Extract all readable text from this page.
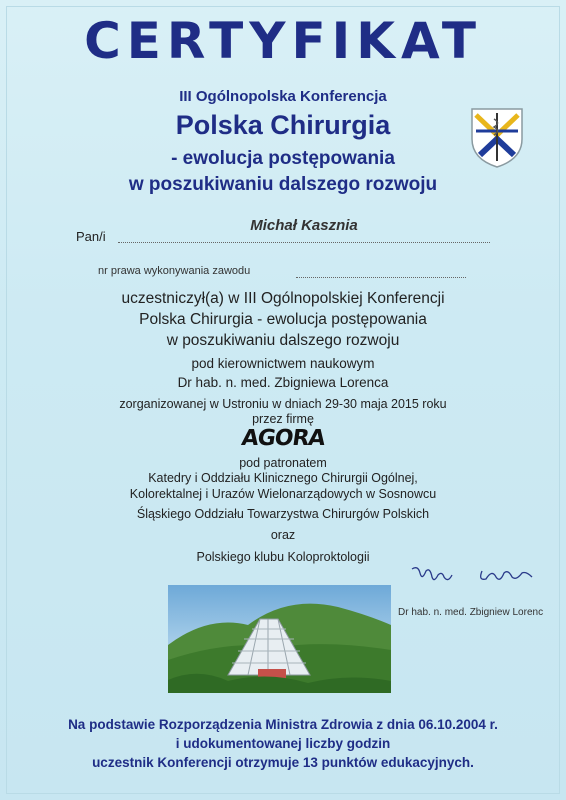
CERTYFIKAT
III Ogólnopolska Konferencja
Polska Chirurgia
- ewolucja postępowania
w poszukiwaniu dalszego rozwoju
Pan/i
Michał Kasznia
nr prawa wykonywania zawodu
uczestniczył(a) w III Ogólnopolskiej Konferencji
Polska Chirurgia - ewolucja postępowania
w poszukiwaniu dalszego rozwoju
pod kierownictwem naukowym
Dr hab. n. med. Zbigniewa Lorenca
zorganizowanej w Ustroniu w dniach 29-30 maja 2015 roku
przez firmę
AGORA
pod patronatem
Katedry i Oddziału Klinicznego Chirurgii Ogólnej,
Kolorektalnej i Urazów Wielonarządowych w Sosnowcu
Śląskiego Oddziału Towarzystwa Chirurgów Polskich
oraz
Polskiego klubu Koloproktologii
Dr hab. n. med. Zbigniew Lorenc
Na podstawie Rozporządzenia Ministra Zdrowia z dnia 06.10.2004 r.
i udokumentowanej liczby godzin
uczestnik Konferencji otrzymuje 13 punktów edukacyjnych.
